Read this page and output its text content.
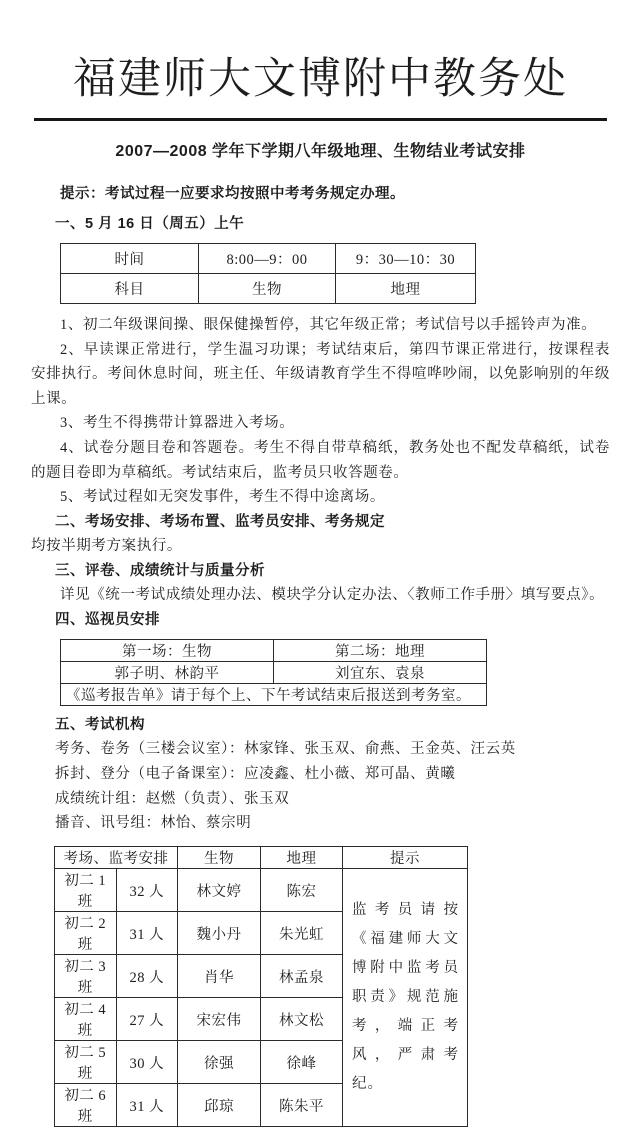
福建师大文博附中教务处
2007—2008 学年下学期八年级地理、生物结业考试安排

提示：考试过程一应要求均按照中考考务规定办理。

一、5 月 16 日（周五）上午

时间	8:00—9：00	9：30—10：30
科目	生物	地理

1、初二年级课间操、眼保健操暂停，其它年级正常；考试信号以手摇铃声为准。

2、早读课正常进行，学生温习功课；考试结束后，第四节课正常进行，按课程表安排执行。考间休息时间，班主任、年级请教育学生不得喧哗吵闹，以免影响别的年级上课。

3、考生不得携带计算器进入考场。

4、试卷分题目卷和答题卷。考生不得自带草稿纸，教务处也不配发草稿纸，试卷的题目卷即为草稿纸。考试结束后，监考员只收答题卷。

5、考试过程如无突发事件，考生不得中途离场。

二、考场安排、考场布置、监考员安排、考务规定

均按半期考方案执行。

三、评卷、成绩统计与质量分析

详见《统一考试成绩处理办法、模块学分认定办法、〈教师工作手册〉填写要点》。

四、巡视员安排

第一场：生物	第二场：地理
郭子明、林韵平	刘宜东、袁泉
《巡考报告单》请于每个上、下午考试结束后报送到考务室。	

五、考试机构

考务、卷务（三楼会议室）：林家锋、张玉双、俞燕、王金英、汪云英

拆封、登分（电子备课室）：应凌鑫、杜小薇、郑可晶、黄曦

成绩统计组：赵燃（负责）、张玉双

播音、讯号组：林怡、蔡宗明

考场、监考安排		生物	地理	提示
初二 1 班	32 人	林文婷	陈宏	监考员请按《福建师大文博附中监考员职责》规范施考，端正考风，严肃考纪。
初二 2 班	31 人	魏小丹	朱光虹	
初二 3 班	28 人	肖华	林孟泉	
初二 4 班	27 人	宋宏伟	林文松	
初二 5 班	30 人	徐强	徐峰	
初二 6 班	31 人	邱琼	陈朱平	
